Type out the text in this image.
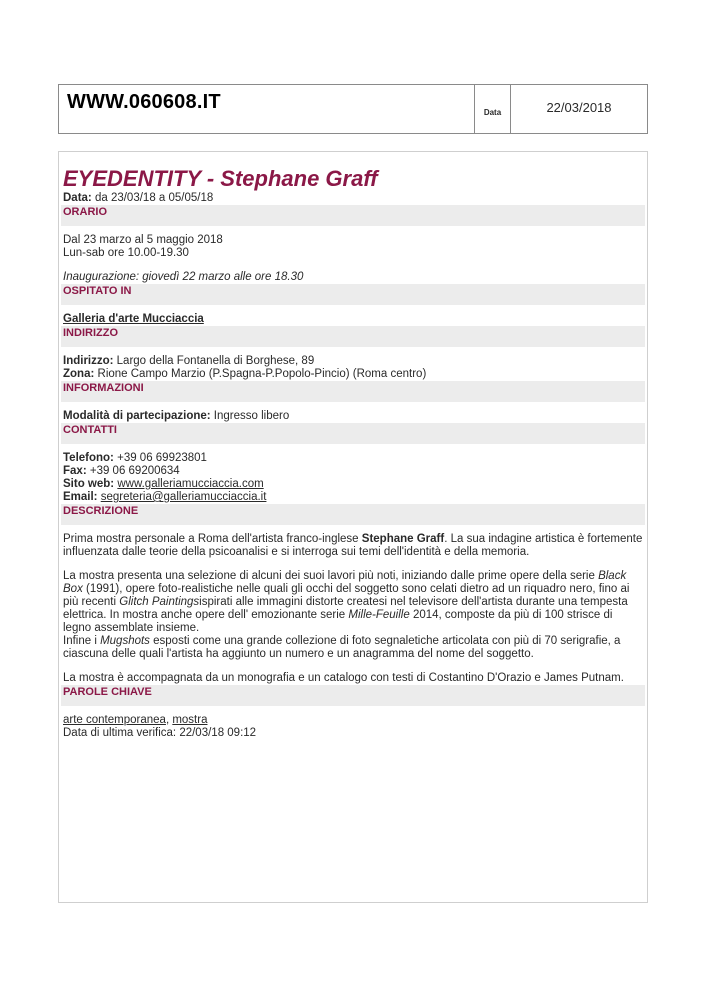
WWW.060608.IT	Data	22/03/2018
EYEDENTITY - Stephane Graff
Data: da 23/03/18 a 05/05/18
ORARIO
Dal 23 marzo al 5 maggio 2018
Lun-sab ore 10.00-19.30
Inaugurazione: giovedì 22 marzo alle ore 18.30
OSPITATO IN
Galleria d'arte Mucciaccia
INDIRIZZO
Indirizzo: Largo della Fontanella di Borghese, 89
Zona: Rione Campo Marzio (P.Spagna-P.Popolo-Pincio) (Roma centro)
INFORMAZIONI
Modalità di partecipazione: Ingresso libero
CONTATTI
Telefono: +39 06 69923801
Fax: +39 06 69200634
Sito web: www.galleriamucciaccia.com
Email: segreteria@galleriamucciaccia.it
DESCRIZIONE

Prima mostra personale a Roma dell'artista franco-inglese Stephane Graff. La sua indagine artistica è fortemente influenzata dalle teorie della psicoanalisi e si interroga sui temi dell'identità e della memoria.

La mostra presenta una selezione di alcuni dei suoi lavori più noti, iniziando dalle prime opere della serie Black Box (1991), opere foto-realistiche nelle quali gli occhi del soggetto sono celati dietro ad un riquadro nero, fino ai più recenti Glitch Paintingsispirati alle immagini distorte createsi nel televisore dell'artista durante una tempesta elettrica. In mostra anche opere dell' emozionante serie Mille-Feuille 2014, composte da più di 100 strisce di legno assemblate insieme.

Infine i Mugshots esposti come una grande collezione di foto segnaletiche articolata con più di 70 serigrafie, a ciascuna delle quali l'artista ha aggiunto un numero e un anagramma del nome del soggetto.

La mostra è accompagnata da un monografia e un catalogo con testi di Costantino D'Orazio e James Putnam.

PAROLE CHIAVE
arte contemporanea, mostra
Data di ultima verifica: 22/03/18 09:12
